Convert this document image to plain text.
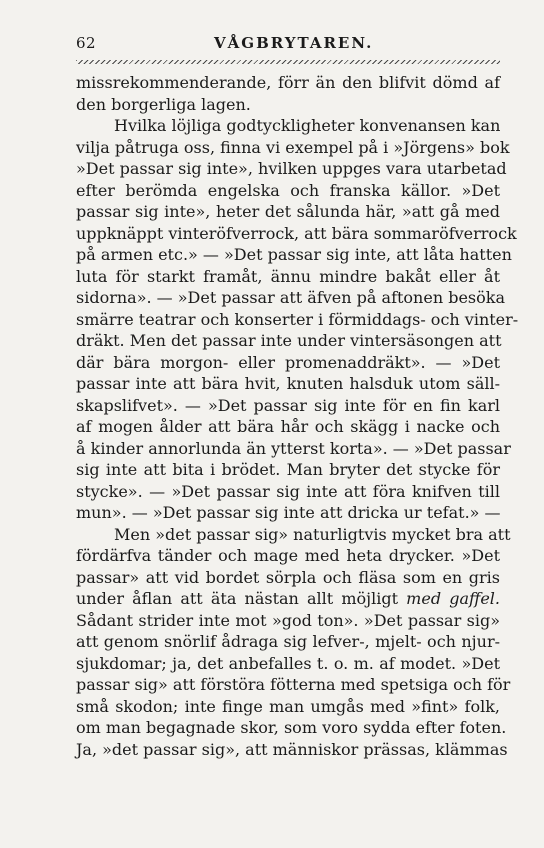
62	VÅGBRYTAREN.
missrekommenderande, förr än den blifvit dömd af
den borgerliga lagen.
Hvilka löjliga godtyckligheter konvenansen kan
vilja påtruga oss, finna vi exempel på i »Jörgens» bok
»Det passar sig inte», hvilken uppges vara utarbetad
efter berömda engelska och franska källor. »Det
passar sig inte», heter det sålunda här, »att gå med
uppknäppt vinteröfverrock, att bära sommaröfverrock
på armen etc.» — »Det passar sig inte, att låta hatten
luta för starkt framåt, ännu mindre bakåt eller åt
sidorna». — »Det passar att äfven på aftonen besöka
smärre teatrar och konserter i förmiddags- och vinter-
dräkt. Men det passar inte under vintersäsongen att
där bära morgon- eller promenaddräkt». — »Det
passar inte att bära hvit, knuten halsduk utom säll-
skapslifvet». — »Det passar sig inte för en fin karl
af mogen ålder att bära hår och skägg i nacke och
å kinder annorlunda än ytterst korta». — »Det passar
sig inte att bita i brödet. Man bryter det stycke för
stycke». — »Det passar sig inte att föra knifven till
mun». — »Det passar sig inte att dricka ur tefat.» —
Men »det passar sig» naturligtvis mycket bra att
fördärfva tänder och mage med heta drycker. »Det
passar» att vid bordet sörpla och fläsa som en gris
under åflan att äta nästan allt möjligt med gaffel.
Sådant strider inte mot »god ton». »Det passar sig»
att genom snörlif ådraga sig lefver-, mjelt- och njur-
sjukdomar; ja, det anbefalles t. o. m. af modet. »Det
passar sig» att förstöra fötterna med spetsiga och för
små skodon; inte finge man umgås med »fint» folk,
om man begagnade skor, som voro sydda efter foten.
Ja, »det passar sig», att människor prässas, klämmas
